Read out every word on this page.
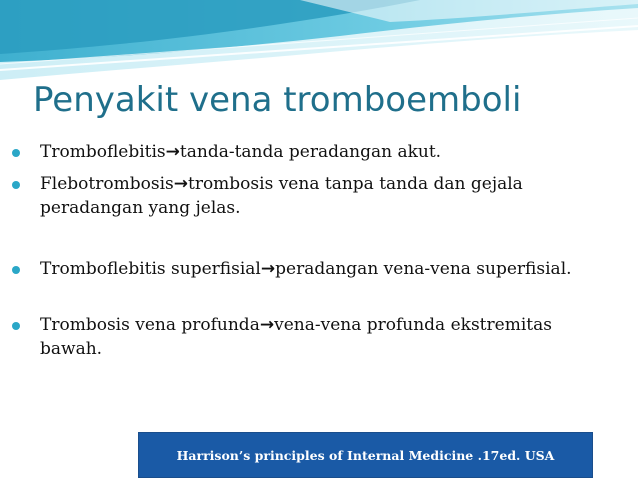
Penyakit vena tromboemboli
Tromboflebitis→tanda-tanda peradangan akut.
Flebotrombosis→trombosis vena tanpa tanda dan gejala peradangan yang jelas.
Tromboflebitis superfisial→peradangan vena-vena superfisial.
Trombosis vena profunda→vena-vena profunda ekstremitas bawah.
Harrison’s principles of Internal Medicine .17ed. USA
